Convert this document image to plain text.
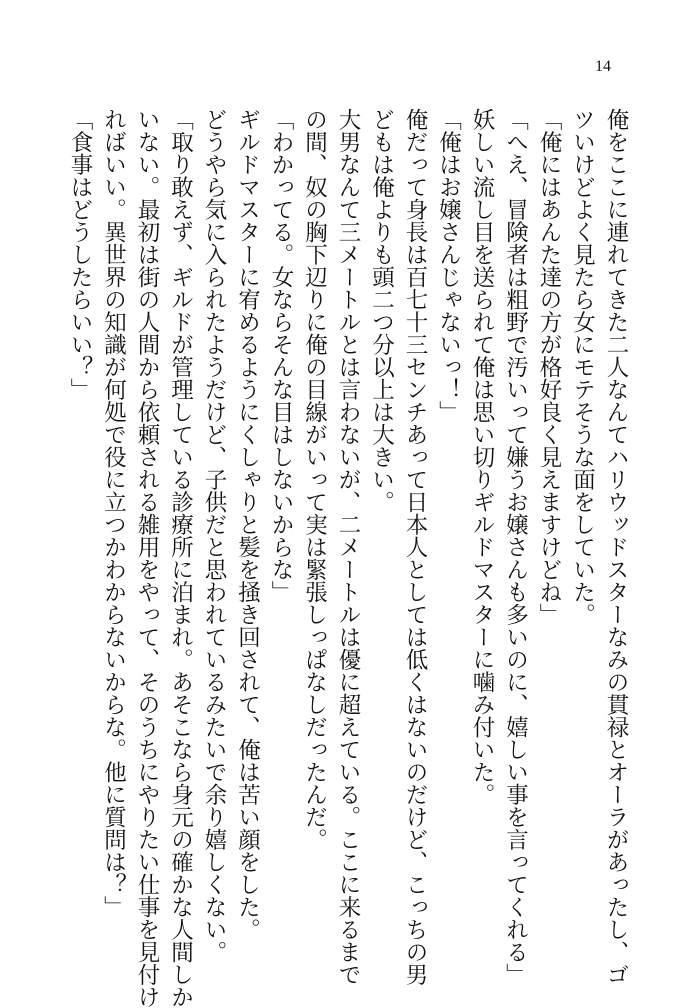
14
俺をここに連れてきた二人なんてハリウッドスターなみの貫禄とオーラがあったし、ゴ
ツいけどよく見たら女にモテそうな面をしていた。
「俺にはあんた達の方が格好良く見えますけどね」
「へえ、冒険者は粗野で汚いって嫌うお嬢さんも多いのに、嬉しい事を言ってくれる」
妖しい流し目を送られて俺は思い切りギルドマスターに噛み付いた。
「俺はお嬢さんじゃないっ！」
俺だって身長は百七十三センチあって日本人としては低くはないのだけど、こっちの男
どもは俺よりも頭二つ分以上は大きい。
大男なんて三メートルとは言わないが、二メートルは優に超えている。ここに来るまで
の間、奴の胸下辺りに俺の目線がいって実は緊張しっぱなしだったんだ。
「わかってる。女ならそんな目はしないからな」
ギルドマスターに宥めるようにくしゃりと髪を掻き回されて、俺は苦い顔をした。
どうやら気に入られたようだけど、子供だと思われているみたいで余り嬉しくない。
「取り敢えず、ギルドが管理している診療所に泊まれ。あそこなら身元の確かな人間しか
いない。最初は街の人間から依頼される雑用をやって、そのうちにやりたい仕事を見付け
ればいい。異世界の知識が何処で役に立つかわからないからな。他に質問は？」
「食事はどうしたらいい？」
